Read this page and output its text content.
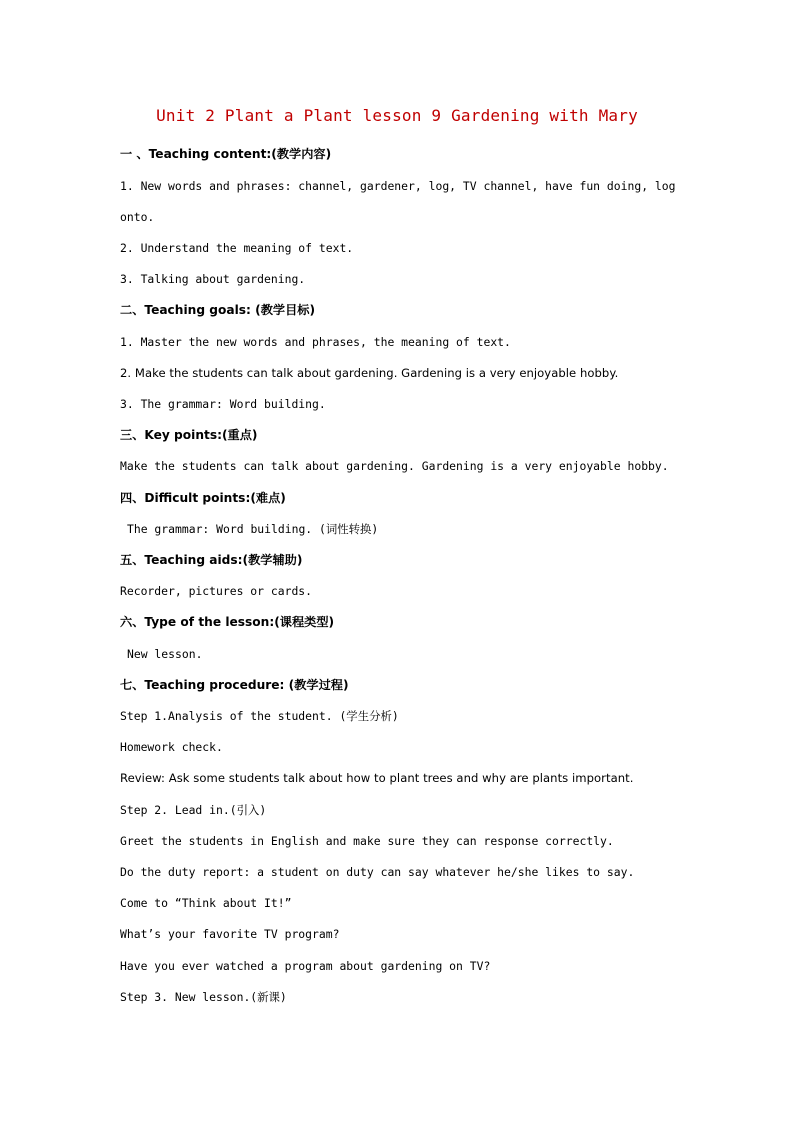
Unit 2 Plant a Plant lesson 9 Gardening with Mary
一 、Teaching content:(教学内容)
1. New words and phrases: channel, gardener, log, TV channel, have fun doing, log
onto.
2. Understand the meaning of text.
3. Talking about gardening.
二、Teaching goals: (教学目标)
1. Master the new words and phrases, the meaning of text.
2. Make the students can talk about gardening. Gardening is a very enjoyable hobby.
3. The grammar: Word building.
三、Key points:(重点)
Make the students can talk about gardening. Gardening is a very enjoyable hobby.
四、Difficult points:(难点)
The grammar: Word building. (词性转换)
五、Teaching aids:(教学辅助)
Recorder, pictures or cards.
六、Type of the lesson:(课程类型)
New lesson.
七、Teaching procedure: (教学过程)
Step 1.Analysis of the student. (学生分析)
Homework check.
Review: Ask some students talk about how to plant trees and why are plants important.
Step 2. Lead in.(引入)
Greet the students in English and make sure they can response correctly.
Do the duty report: a student on duty can say whatever he/she likes to say.
Come to “Think about It!”
What’s your favorite TV program?
Have you ever watched a program about gardening on TV?
Step 3. New lesson.(新课)
